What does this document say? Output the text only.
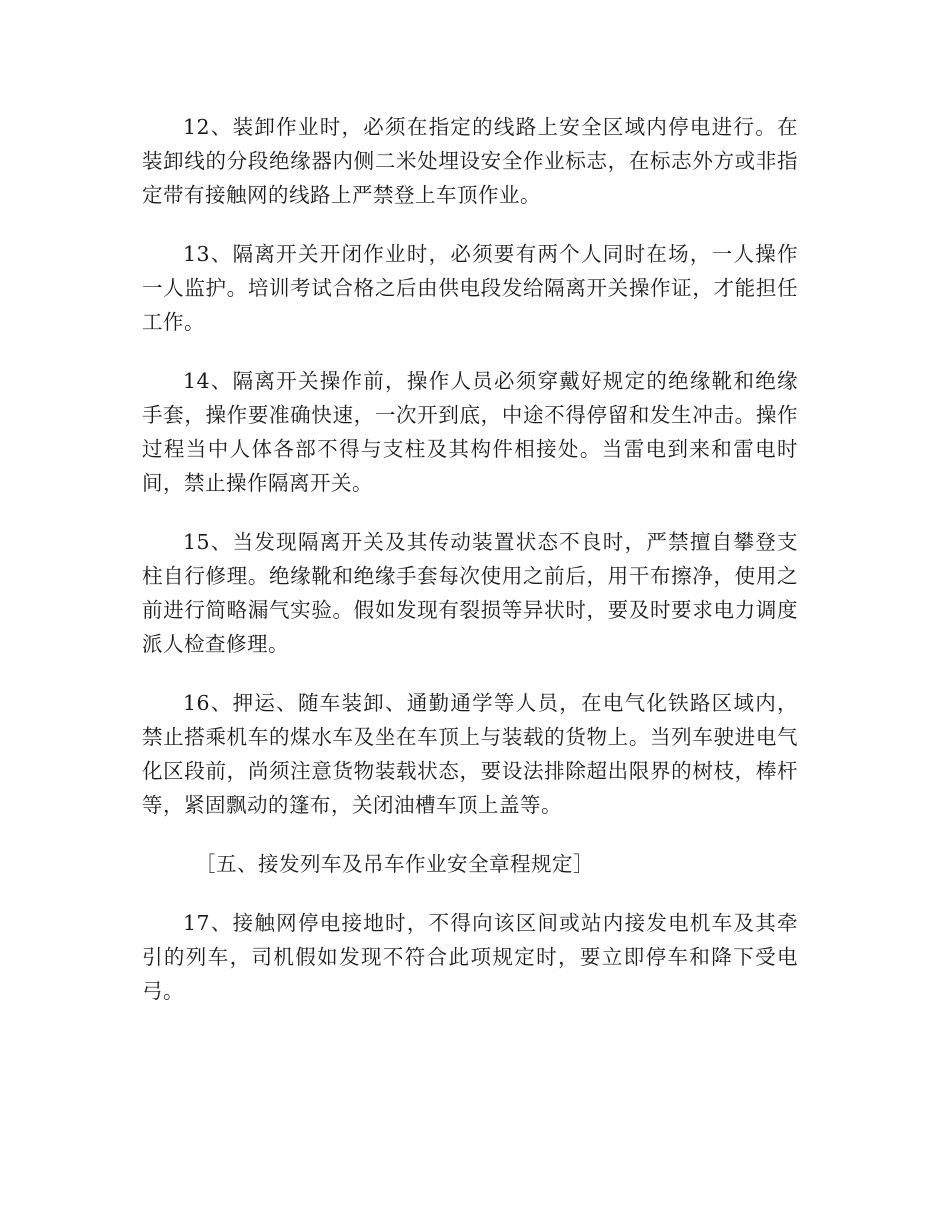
12、装卸作业时，必须在指定的线路上安全区域内停电进行。在装卸线的分段绝缘器内侧二米处埋设安全作业标志，在标志外方或非指定带有接触网的线路上严禁登上车顶作业。

13、隔离开关开闭作业时，必须要有两个人同时在场，一人操作一人监护。培训考试合格之后由供电段发给隔离开关操作证，才能担任工作。

14、隔离开关操作前，操作人员必须穿戴好规定的绝缘靴和绝缘手套，操作要准确快速，一次开到底，中途不得停留和发生冲击。操作过程当中人体各部不得与支柱及其构件相接处。当雷电到来和雷电时间，禁止操作隔离开关。

15、当发现隔离开关及其传动装置状态不良时，严禁擅自攀登支柱自行修理。绝缘靴和绝缘手套每次使用之前后，用干布擦净，使用之前进行简略漏气实验。假如发现有裂损等异状时，要及时要求电力调度派人检查修理。

16、押运、随车装卸、通勤通学等人员，在电气化铁路区域内，禁止搭乘机车的煤水车及坐在车顶上与装载的货物上。当列车驶进电气化区段前，尚须注意货物装载状态，要设法排除超出限界的树枝，棒杆等，紧固飘动的篷布，关闭油槽车顶上盖等。

［五、接发列车及吊车作业安全章程规定］

17、接触网停电接地时，不得向该区间或站内接发电机车及其牵引的列车，司机假如发现不符合此项规定时，要立即停车和降下受电弓。
